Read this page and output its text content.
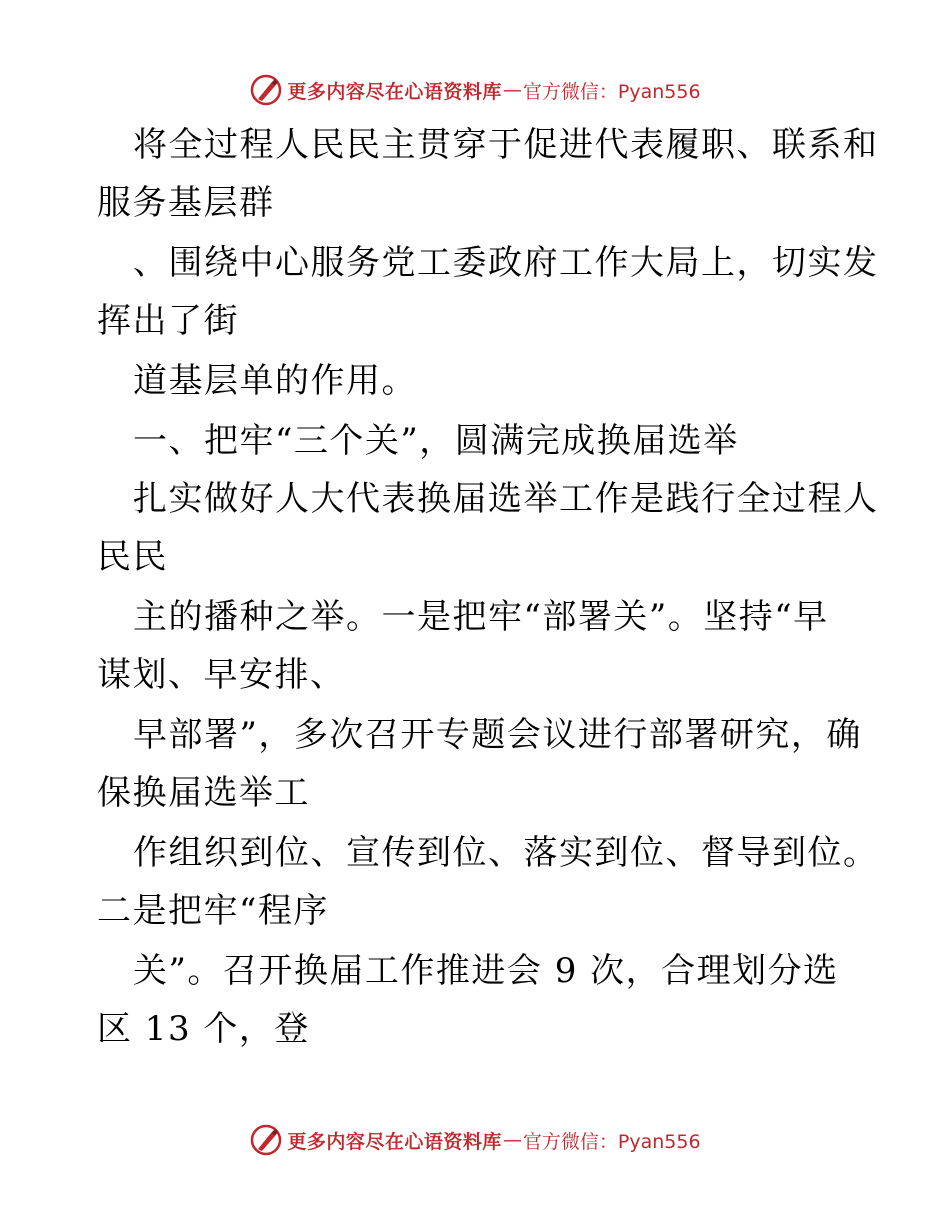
更多内容尽在心语资料库 — 官方微信：Pyan556
将全过程人民民主贯穿于促进代表履职、联系和
服务基层群
、围绕中心服务党工委政府工作大局上，切实发
挥出了街
道基层单的作用。
一、把牢“三个关”，圆满完成换届选举
扎实做好人大代表换届选举工作是践行全过程人
民民
主的播种之举。一是把牢“部署关”。坚持“早
谋划、早安排、
早部署”，多次召开专题会议进行部署研究，确
保换届选举工
作组织到位、宣传到位、落实到位、督导到位。
二是把牢“程序
关”。召开换届工作推进会 9 次，合理划分选
区 13 个，登
更多内容尽在心语资料库 — 官方微信：Pyan556
